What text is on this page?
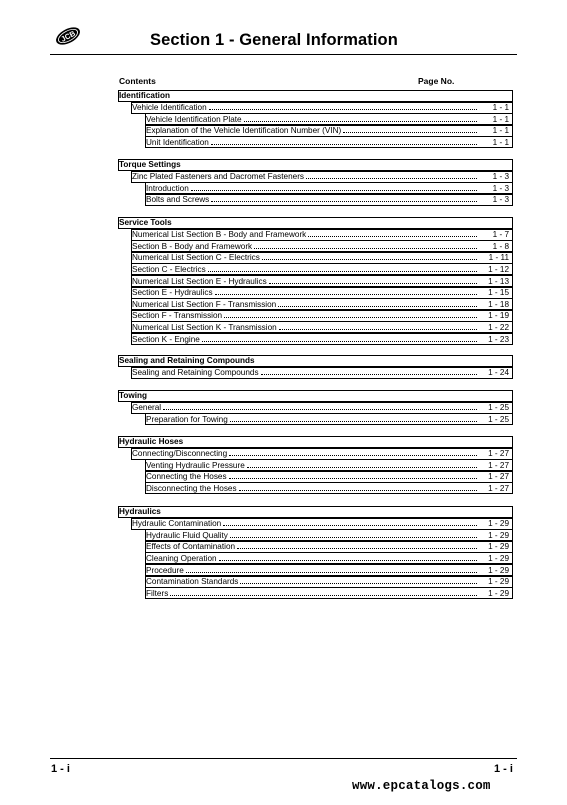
JCB	Section 1 - General Information
Contents	Page No.
Identification
Vehicle Identification	1 - 1
Vehicle Identification Plate	1 - 1
Explanation of the Vehicle Identification Number (VIN)	1 - 1
Unit Identification	1 - 1
Torque Settings
Zinc Plated Fasteners and Dacromet Fasteners	1 - 3
Introduction	1 - 3
Bolts and Screws	1 - 3
Service Tools
Numerical List Section B - Body and Framework	1 - 7
Section B - Body and Framework	1 - 8
Numerical List Section C - Electrics	1 - 11
Section C - Electrics	1 - 12
Numerical List Section E - Hydraulics	1 - 13
Section E - Hydraulics	1 - 15
Numerical List Section F - Transmission	1 - 18
Section F - Transmission	1 - 19
Numerical List Section K - Transmission	1 - 22
Section K - Engine	1 - 23
Sealing and Retaining Compounds
Sealing and Retaining Compounds	1 - 24
Towing
General	1 - 25
Preparation for Towing	1 - 25
Hydraulic Hoses
Connecting/Disconnecting	1 - 27
Venting Hydraulic Pressure	1 - 27
Connecting the Hoses	1 - 27
Disconnecting the Hoses	1 - 27
Hydraulics
Hydraulic Contamination	1 - 29
Hydraulic Fluid Quality	1 - 29
Effects of Contamination	1 - 29
Cleaning Operation	1 - 29
Procedure	1 - 29
Contamination Standards	1 - 29
Filters	1 - 29
1 - i	1 - i
www.epcatalogs.com
